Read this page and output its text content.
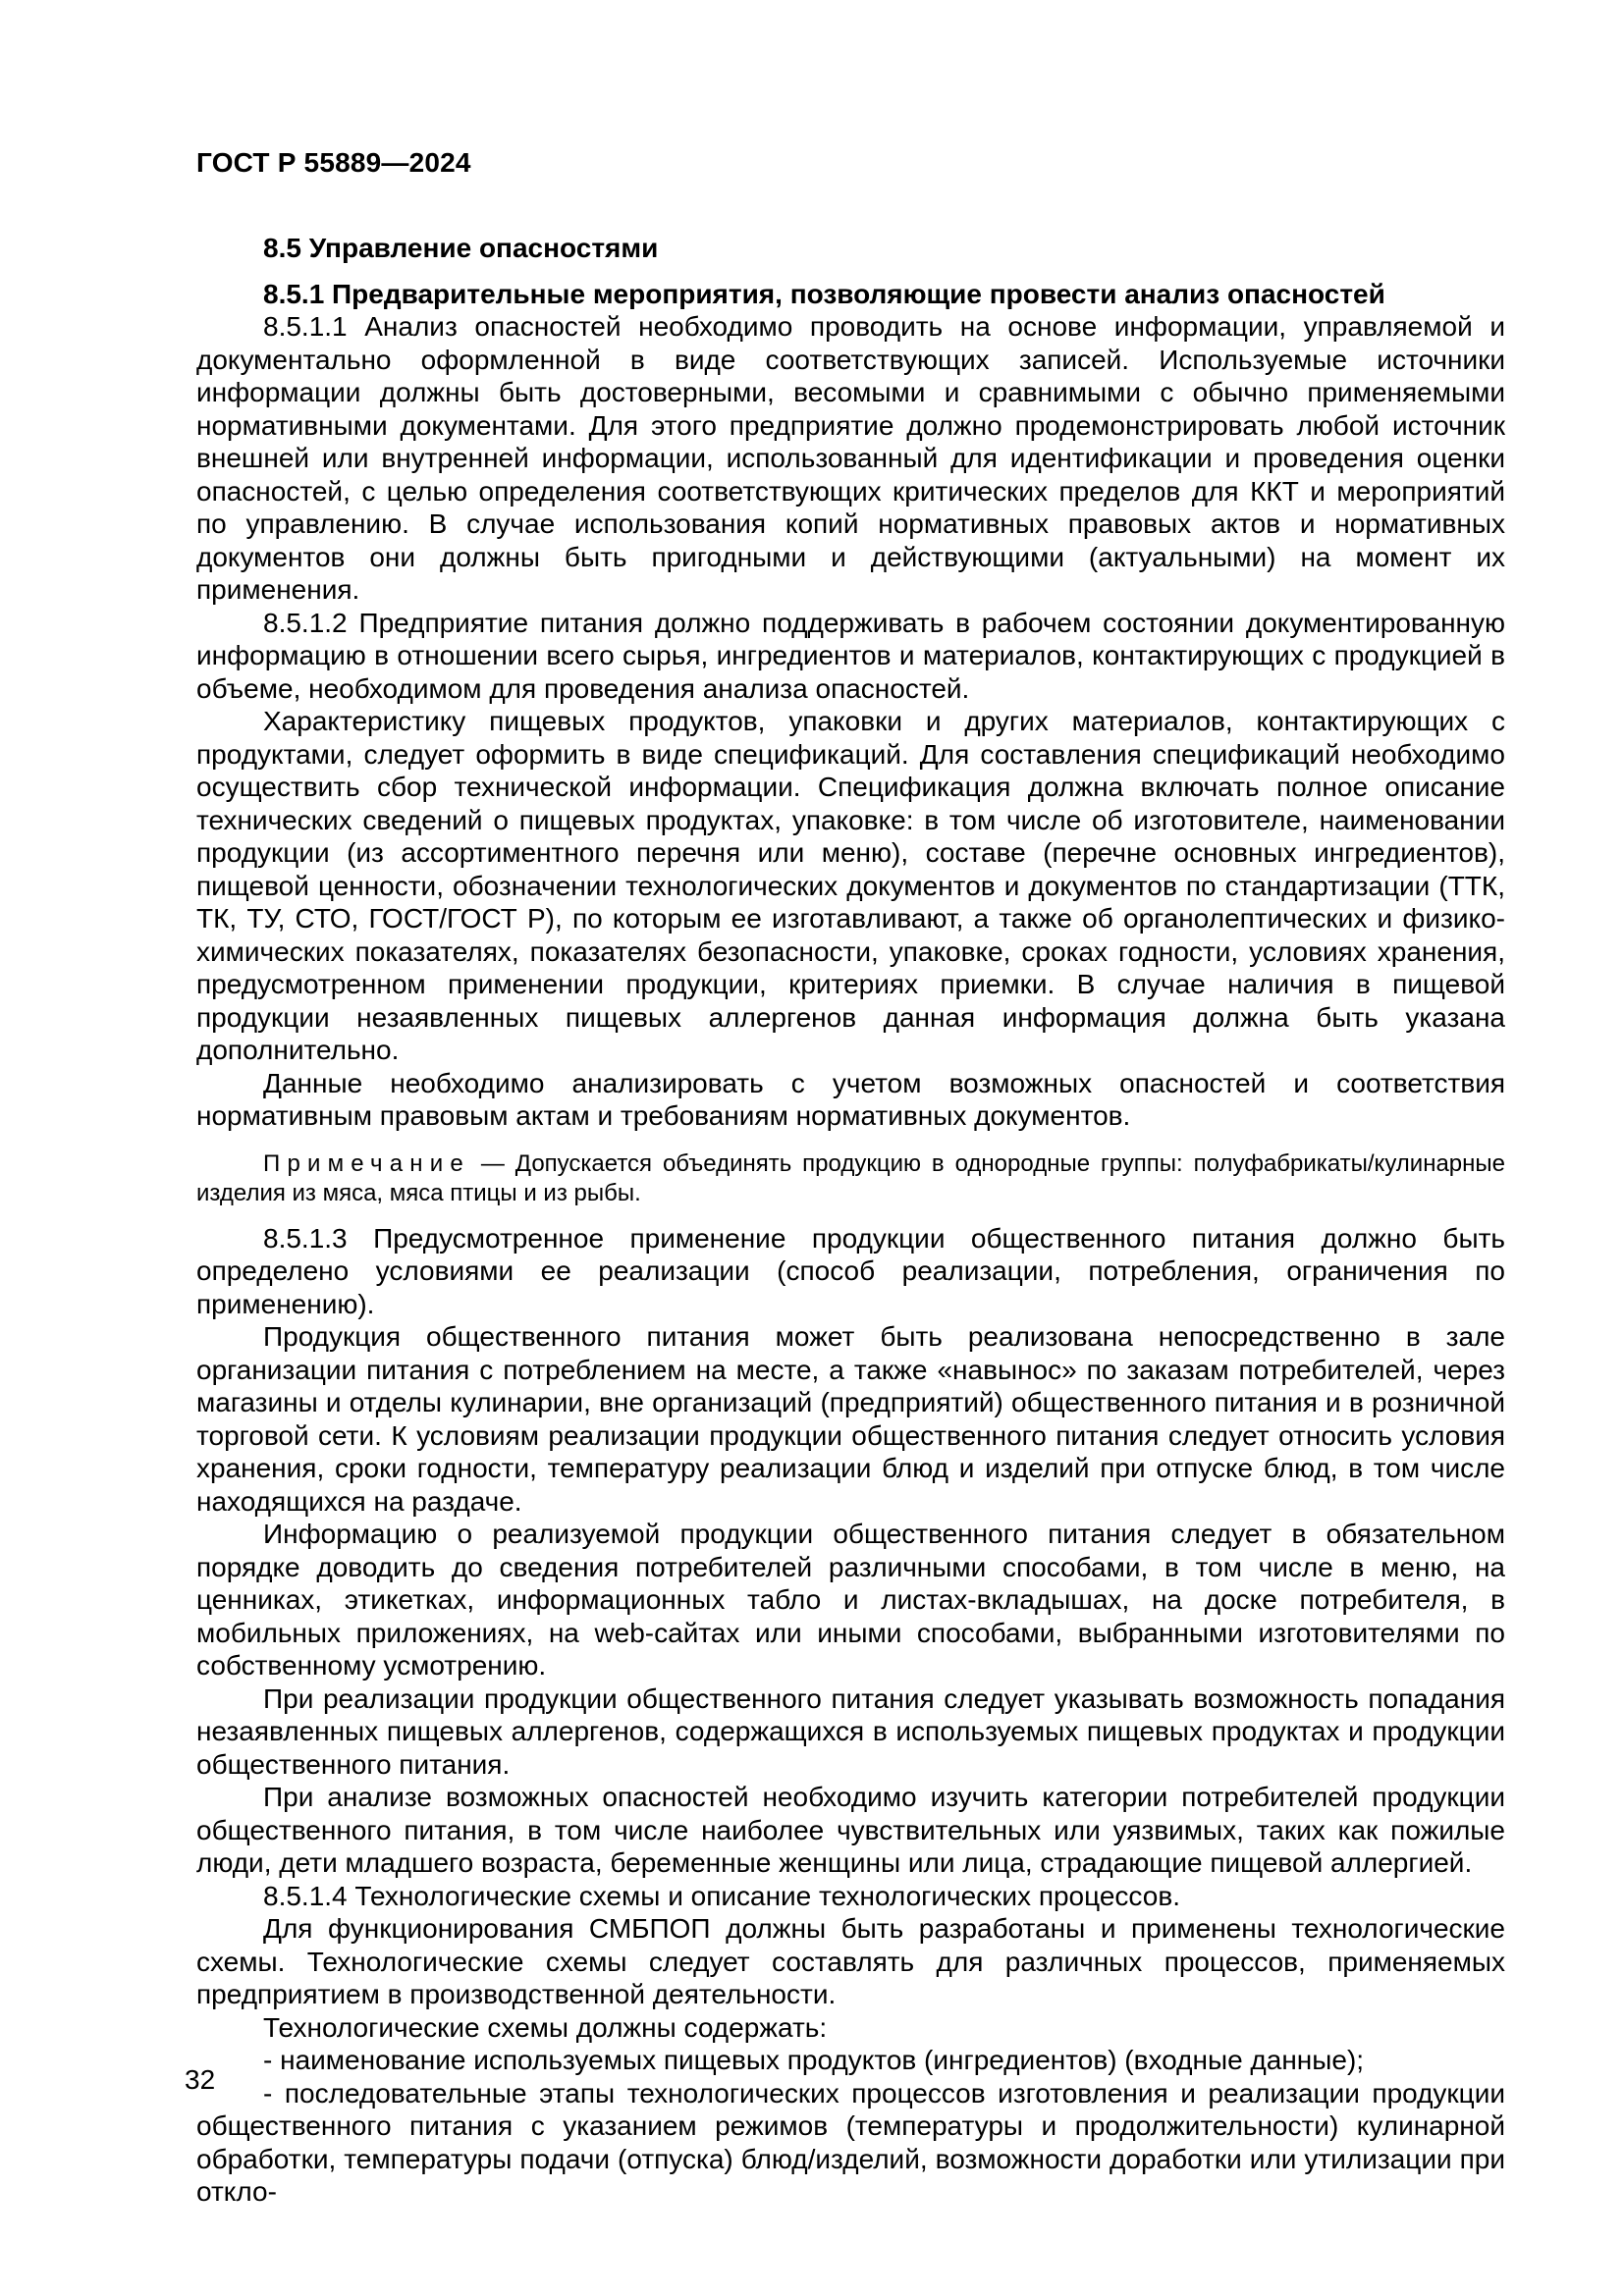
ГОСТ Р 55889—2024
8.5 Управление опасностями
8.5.1 Предварительные мероприятия, позволяющие провести анализ опасностей

8.5.1.1 Анализ опасностей необходимо проводить на основе информации, управляемой и документально оформленной в виде соответствующих записей. Используемые источники информации должны быть достоверными, весомыми и сравнимыми с обычно применяемыми нормативными документами. Для этого предприятие должно продемонстрировать любой источник внешней или внутренней информации, использованный для идентификации и проведения оценки опасностей, с целью определения соответствующих критических пределов для ККТ и мероприятий по управлению. В случае использования копий нормативных правовых актов и нормативных документов они должны быть пригодными и действующими (актуальными) на момент их применения.

8.5.1.2 Предприятие питания должно поддерживать в рабочем состоянии документированную информацию в отношении всего сырья, ингредиентов и материалов, контактирующих с продукцией в объеме, необходимом для проведения анализа опасностей.

Характеристику пищевых продуктов, упаковки и других материалов, контактирующих с продуктами, следует оформить в виде спецификаций. Для составления спецификаций необходимо осуществить сбор технической информации. Спецификация должна включать полное описание технических сведений о пищевых продуктах, упаковке: в том числе об изготовителе, наименовании продукции (из ассортиментного перечня или меню), составе (перечне основных ингредиентов), пищевой ценности, обозначении технологических документов и документов по стандартизации (ТТК, ТК, ТУ, СТО, ГОСТ/ГОСТ Р), по которым ее изготавливают, а также об органолептических и физико-химических показателях, показателях безопасности, упаковке, сроках годности, условиях хранения, предусмотренном применении продукции, критериях приемки. В случае наличия в пищевой продукции незаявленных пищевых аллергенов данная информация должна быть указана дополнительно.

Данные необходимо анализировать с учетом возможных опасностей и соответствия нормативным правовым актам и требованиям нормативных документов.

Примечание — Допускается объединять продукцию в однородные группы: полуфабрикаты/кулинарные изделия из мяса, мяса птицы и из рыбы.

8.5.1.3 Предусмотренное применение продукции общественного питания должно быть определено условиями ее реализации (способ реализации, потребления, ограничения по применению).

Продукция общественного питания может быть реализована непосредственно в зале организации питания с потреблением на месте, а также «навынос» по заказам потребителей, через магазины и отделы кулинарии, вне организаций (предприятий) общественного питания и в розничной торговой сети. К условиям реализации продукции общественного питания следует относить условия хранения, сроки годности, температуру реализации блюд и изделий при отпуске блюд, в том числе находящихся на раздаче.

Информацию о реализуемой продукции общественного питания следует в обязательном порядке доводить до сведения потребителей различными способами, в том числе в меню, на ценниках, этикетках, информационных табло и листах-вкладышах, на доске потребителя, в мобильных приложениях, на web-сайтах или иными способами, выбранными изготовителями по собственному усмотрению.

При реализации продукции общественного питания следует указывать возможность попадания незаявленных пищевых аллергенов, содержащихся в используемых пищевых продуктах и продукции общественного питания.

При анализе возможных опасностей необходимо изучить категории потребителей продукции общественного питания, в том числе наиболее чувствительных или уязвимых, таких как пожилые люди, дети младшего возраста, беременные женщины или лица, страдающие пищевой аллергией.

8.5.1.4 Технологические схемы и описание технологических процессов.

Для функционирования СМБПОП должны быть разработаны и применены технологические схемы. Технологические схемы следует составлять для различных процессов, применяемых предприятием в производственной деятельности.

Технологические схемы должны содержать:

- наименование используемых пищевых продуктов (ингредиентов) (входные данные);

- последовательные этапы технологических процессов изготовления и реализации продукции общественного питания с указанием режимов (температуры и продолжительности) кулинарной обработки, температуры подачи (отпуска) блюд/изделий, возможности доработки или утилизации при откло-

32
